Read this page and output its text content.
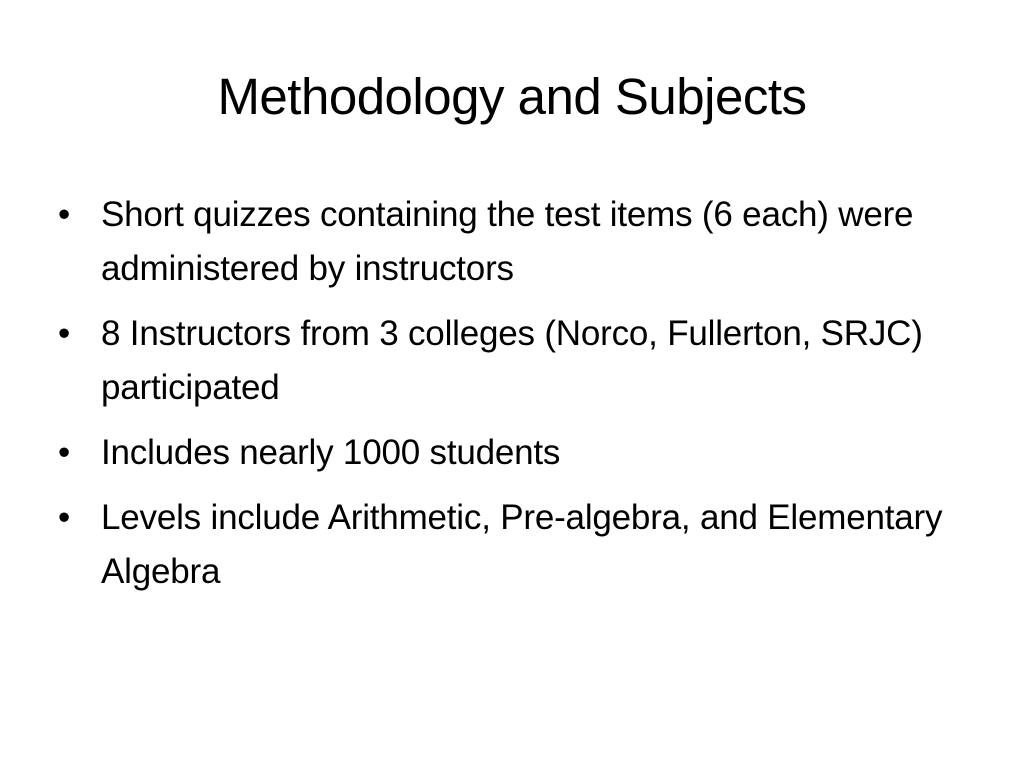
Methodology and Subjects
• Short quizzes containing the test items (6 each) were administered by instructors
• 8 Instructors from 3 colleges (Norco, Fullerton, SRJC) participated
• Includes nearly 1000 students
• Levels include Arithmetic, Pre-algebra, and Elementary Algebra
